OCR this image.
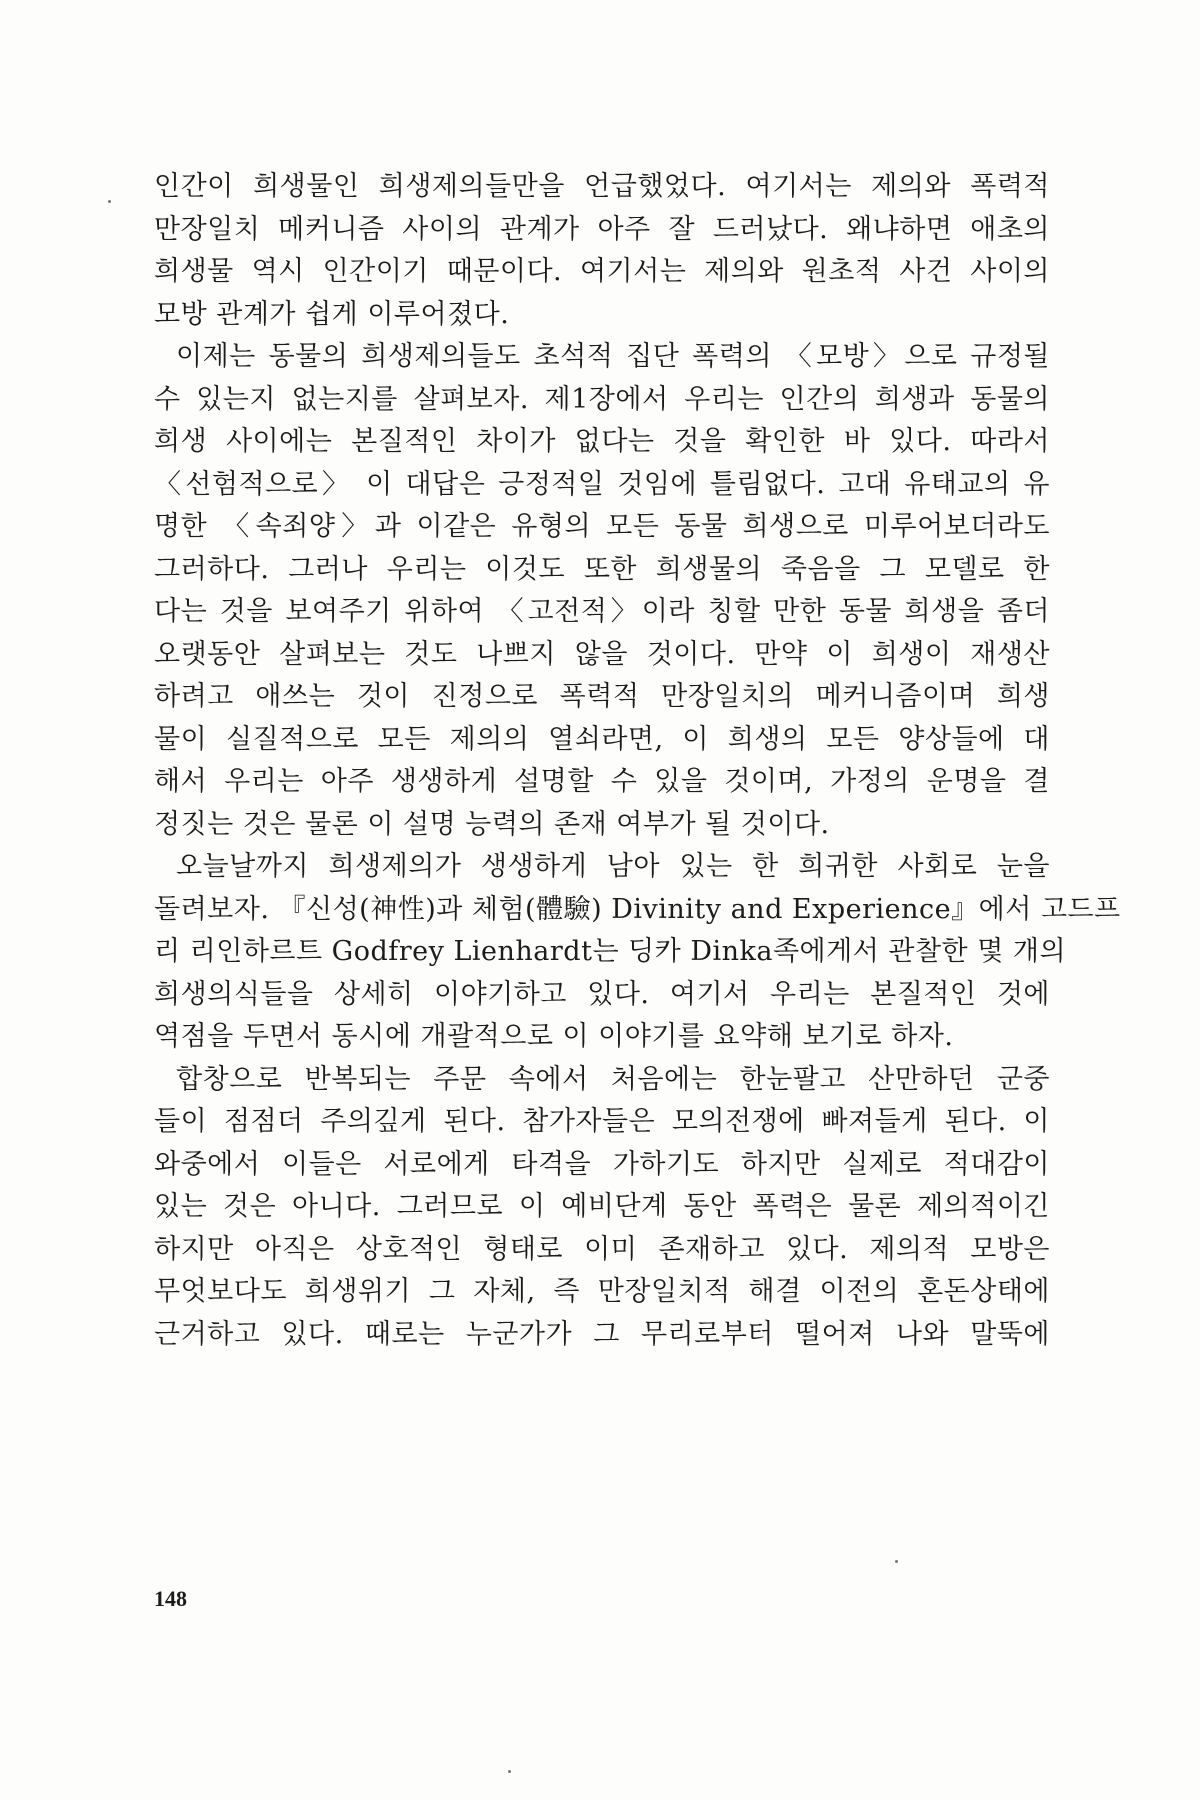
인간이 희생물인 희생제의들만을 언급했었다. 여기서는 제의와 폭력적
만장일치 메커니즘 사이의 관계가 아주 잘 드러났다. 왜냐하면 애초의
희생물 역시 인간이기 때문이다. 여기서는 제의와 원초적 사건 사이의
모방 관계가 쉽게 이루어졌다.
이제는 동물의 희생제의들도 초석적 집단 폭력의 〈모방〉으로 규정될
수 있는지 없는지를 살펴보자. 제1장에서 우리는 인간의 희생과 동물의
희생 사이에는 본질적인 차이가 없다는 것을 확인한 바 있다. 따라서
〈선험적으로〉 이 대답은 긍정적일 것임에 틀림없다. 고대 유태교의 유
명한 〈속죄양〉과 이같은 유형의 모든 동물 희생으로 미루어보더라도
그러하다. 그러나 우리는 이것도 또한 희생물의 죽음을 그 모델로 한
다는 것을 보여주기 위하여 〈고전적〉이라 칭할 만한 동물 희생을 좀더
오랫동안 살펴보는 것도 나쁘지 않을 것이다. 만약 이 희생이 재생산
하려고 애쓰는 것이 진정으로 폭력적 만장일치의 메커니즘이며 희생
물이 실질적으로 모든 제의의 열쇠라면, 이 희생의 모든 양상들에 대
해서 우리는 아주 생생하게 설명할 수 있을 것이며, 가정의 운명을 결
정짓는 것은 물론 이 설명 능력의 존재 여부가 될 것이다.
오늘날까지 희생제의가 생생하게 남아 있는 한 희귀한 사회로 눈을
돌려보자. 『신성(神性)과 체험(體驗) Divinity and Experience』에서 고드프
리 리인하르트 Godfrey Lienhardt는 딩카 Dinka족에게서 관찰한 몇 개의
희생의식들을 상세히 이야기하고 있다. 여기서 우리는 본질적인 것에
역점을 두면서 동시에 개괄적으로 이 이야기를 요약해 보기로 하자.
합창으로 반복되는 주문 속에서 처음에는 한눈팔고 산만하던 군중
들이 점점더 주의깊게 된다. 참가자들은 모의전쟁에 빠져들게 된다. 이
와중에서 이들은 서로에게 타격을 가하기도 하지만 실제로 적대감이
있는 것은 아니다. 그러므로 이 예비단계 동안 폭력은 물론 제의적이긴
하지만 아직은 상호적인 형태로 이미 존재하고 있다. 제의적 모방은
무엇보다도 희생위기 그 자체, 즉 만장일치적 해결 이전의 혼돈상태에
근거하고 있다. 때로는 누군가가 그 무리로부터 떨어져 나와 말뚝에
148
